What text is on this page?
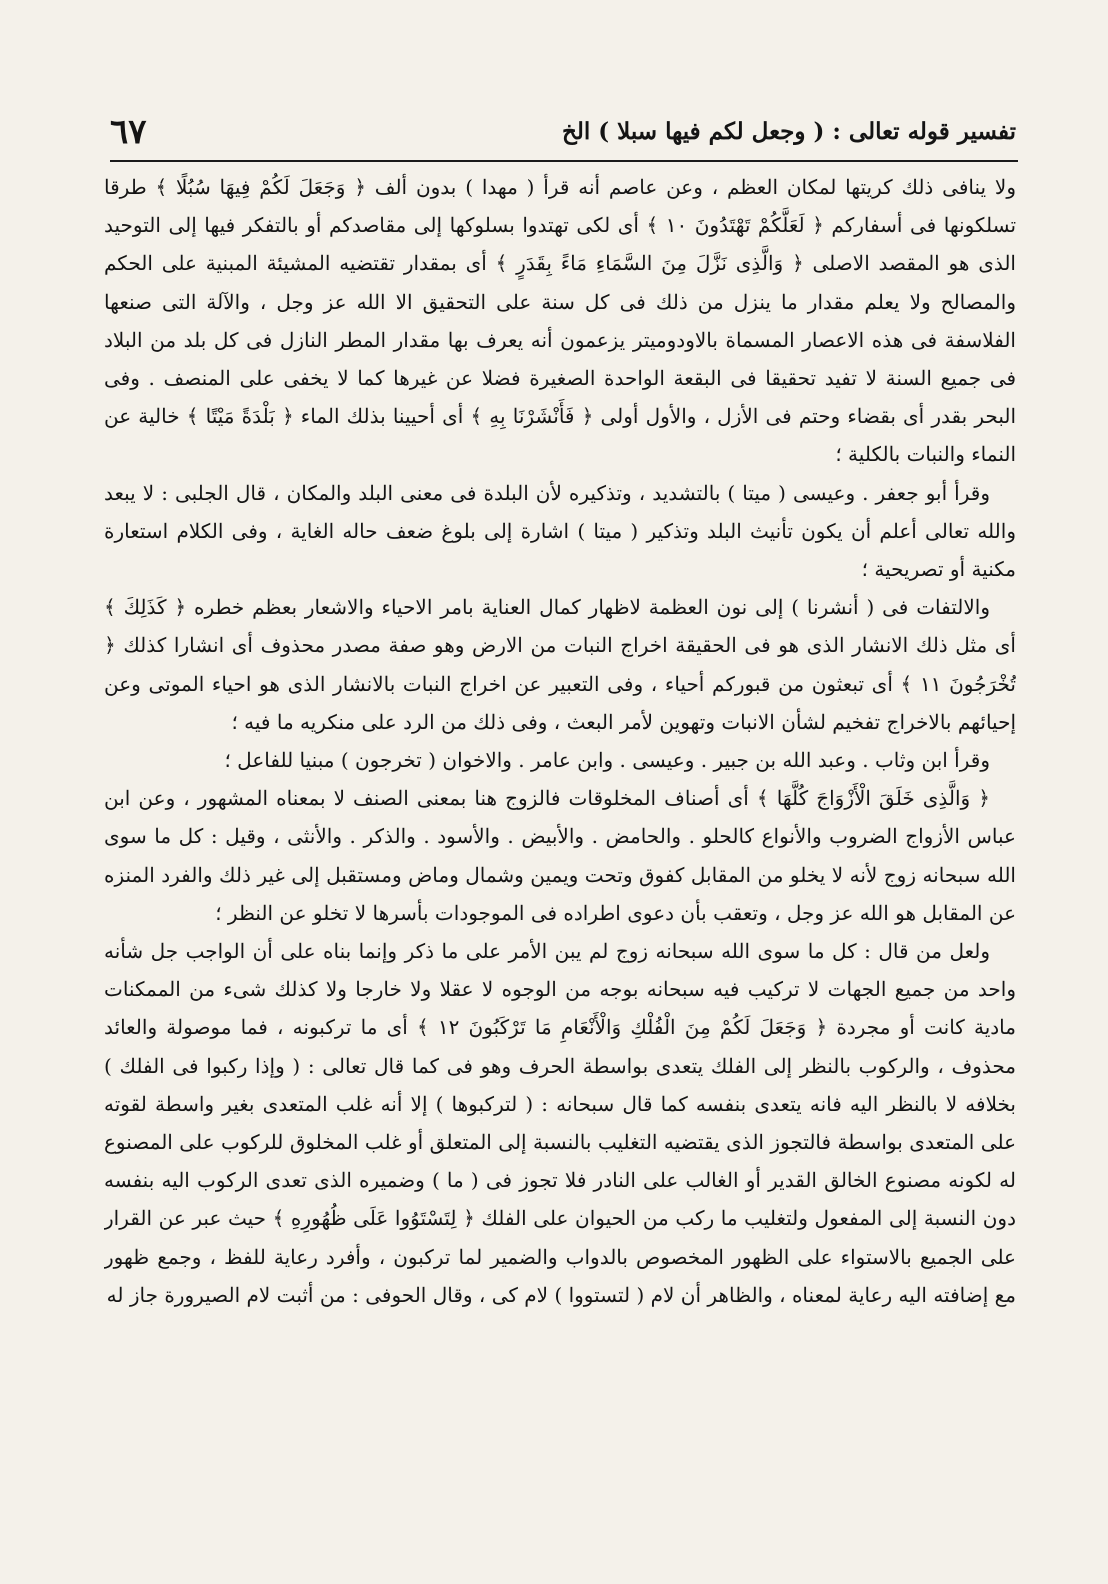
تفسير قوله تعالى : ( وجعل لكم فيها سبلا ) الخ
٦٧

ولا ينافى ذلك كريتها لمكان العظم ، وعن عاصم أنه قرأ ( مهدا ) بدون ألف ﴿ وَجَعَلَ لَكُمْ فِيهَا سُبُلًا ﴾ طرقا تسلكونها فى أسفاركم ﴿ لَعَلَّكُمْ تَهْتَدُونَ ١٠ ﴾ أى لكى تهتدوا بسلوكها إلى مقاصدكم أو بالتفكر فيها إلى التوحيد الذى هو المقصد الاصلى ﴿ وَالَّذِى نَزَّلَ مِنَ السَّمَاءِ مَاءً بِقَدَرٍ ﴾ أى بمقدار تقتضيه المشيئة المبنية على الحكم والمصالح ولا يعلم مقدار ما ينزل من ذلك فى كل سنة على التحقيق الا الله عز وجل ، والآلة التى صنعها الفلاسفة فى هذه الاعصار المسماة بالاودوميتر يزعمون أنه يعرف بها مقدار المطر النازل فى كل بلد من البلاد فى جميع السنة لا تفيد تحقيقا فى البقعة الواحدة الصغيرة فضلا عن غيرها كما لا يخفى على المنصف . وفى البحر بقدر أى بقضاء وحتم فى الأزل ، والأول أولى ﴿ فَأَنْشَرْنَا بِهِ ﴾ أى أحيينا بذلك الماء ﴿ بَلْدَةً مَيْتًا ﴾ خالية عن النماء والنبات بالكلية ؛

وقرأ أبو جعفر . وعيسى ( ميتا ) بالتشديد ، وتذكيره لأن البلدة فى معنى البلد والمكان ، قال الجلبى : لا يبعد والله تعالى أعلم أن يكون تأنيث البلد وتذكير ( ميتا ) اشارة إلى بلوغ ضعف حاله الغاية ، وفى الكلام استعارة مكنية أو تصريحية ؛

والالتفات فى ( أنشرنا ) إلى نون العظمة لاظهار كمال العناية بامر الاحياء والاشعار بعظم خطره ﴿ كَذَلِكَ ﴾ أى مثل ذلك الانشار الذى هو فى الحقيقة اخراج النبات من الارض وهو صفة مصدر محذوف أى انشارا كذلك ﴿ تُخْرَجُونَ ١١ ﴾ أى تبعثون من قبوركم أحياء ، وفى التعبير عن اخراج النبات بالانشار الذى هو احياء الموتى وعن إحيائهم بالاخراج تفخيم لشأن الانبات وتهوين لأمر البعث ، وفى ذلك من الرد على منكريه ما فيه ؛

وقرأ ابن وثاب . وعبد الله بن جبير . وعيسى . وابن عامر . والاخوان ( تخرجون ) مبنيا للفاعل ؛

﴿ وَالَّذِى خَلَقَ الْأَزْوَاجَ كُلَّهَا ﴾ أى أصناف المخلوقات فالزوج هنا بمعنى الصنف لا بمعناه المشهور ، وعن ابن عباس الأزواج الضروب والأنواع كالحلو . والحامض . والأبيض . والأسود . والذكر . والأنثى ، وقيل : كل ما سوى الله سبحانه زوج لأنه لا يخلو من المقابل كفوق وتحت ويمين وشمال وماض ومستقبل إلى غير ذلك والفرد المنزه عن المقابل هو الله عز وجل ، وتعقب بأن دعوى اطراده فى الموجودات بأسرها لا تخلو عن النظر ؛

ولعل من قال : كل ما سوى الله سبحانه زوج لم يبن الأمر على ما ذكر وإنما بناه على أن الواجب جل شأنه واحد من جميع الجهات لا تركيب فيه سبحانه بوجه من الوجوه لا عقلا ولا خارجا ولا كذلك شىء من الممكنات مادية كانت أو مجردة ﴿ وَجَعَلَ لَكُمْ مِنَ الْفُلْكِ وَالْأَنْعَامِ مَا تَرْكَبُونَ ١٢ ﴾ أى ما تركبونه ، فما موصولة والعائد محذوف ، والركوب بالنظر إلى الفلك يتعدى بواسطة الحرف وهو فى كما قال تعالى : ( وإذا ركبوا فى الفلك ) بخلافه لا بالنظر اليه فانه يتعدى بنفسه كما قال سبحانه : ( لتركبوها ) إلا أنه غلب المتعدى بغير واسطة لقوته على المتعدى بواسطة فالتجوز الذى يقتضيه التغليب بالنسبة إلى المتعلق أو غلب المخلوق للركوب على المصنوع له لكونه مصنوع الخالق القدير أو الغالب على النادر فلا تجوز فى ( ما ) وضميره الذى تعدى الركوب اليه بنفسه دون النسبة إلى المفعول ولتغليب ما ركب من الحيوان على الفلك ﴿ لِتَسْتَوُوا عَلَى ظُهُورِهِ ﴾ حيث عبر عن القرار على الجميع بالاستواء على الظهور المخصوص بالدواب والضمير لما تركبون ، وأفرد رعاية للفظ ، وجمع ظهور مع إضافته اليه رعاية لمعناه ، والظاهر أن لام ( لتستووا ) لام كى ، وقال الحوفى : من أثبت لام الصيرورة جاز له
